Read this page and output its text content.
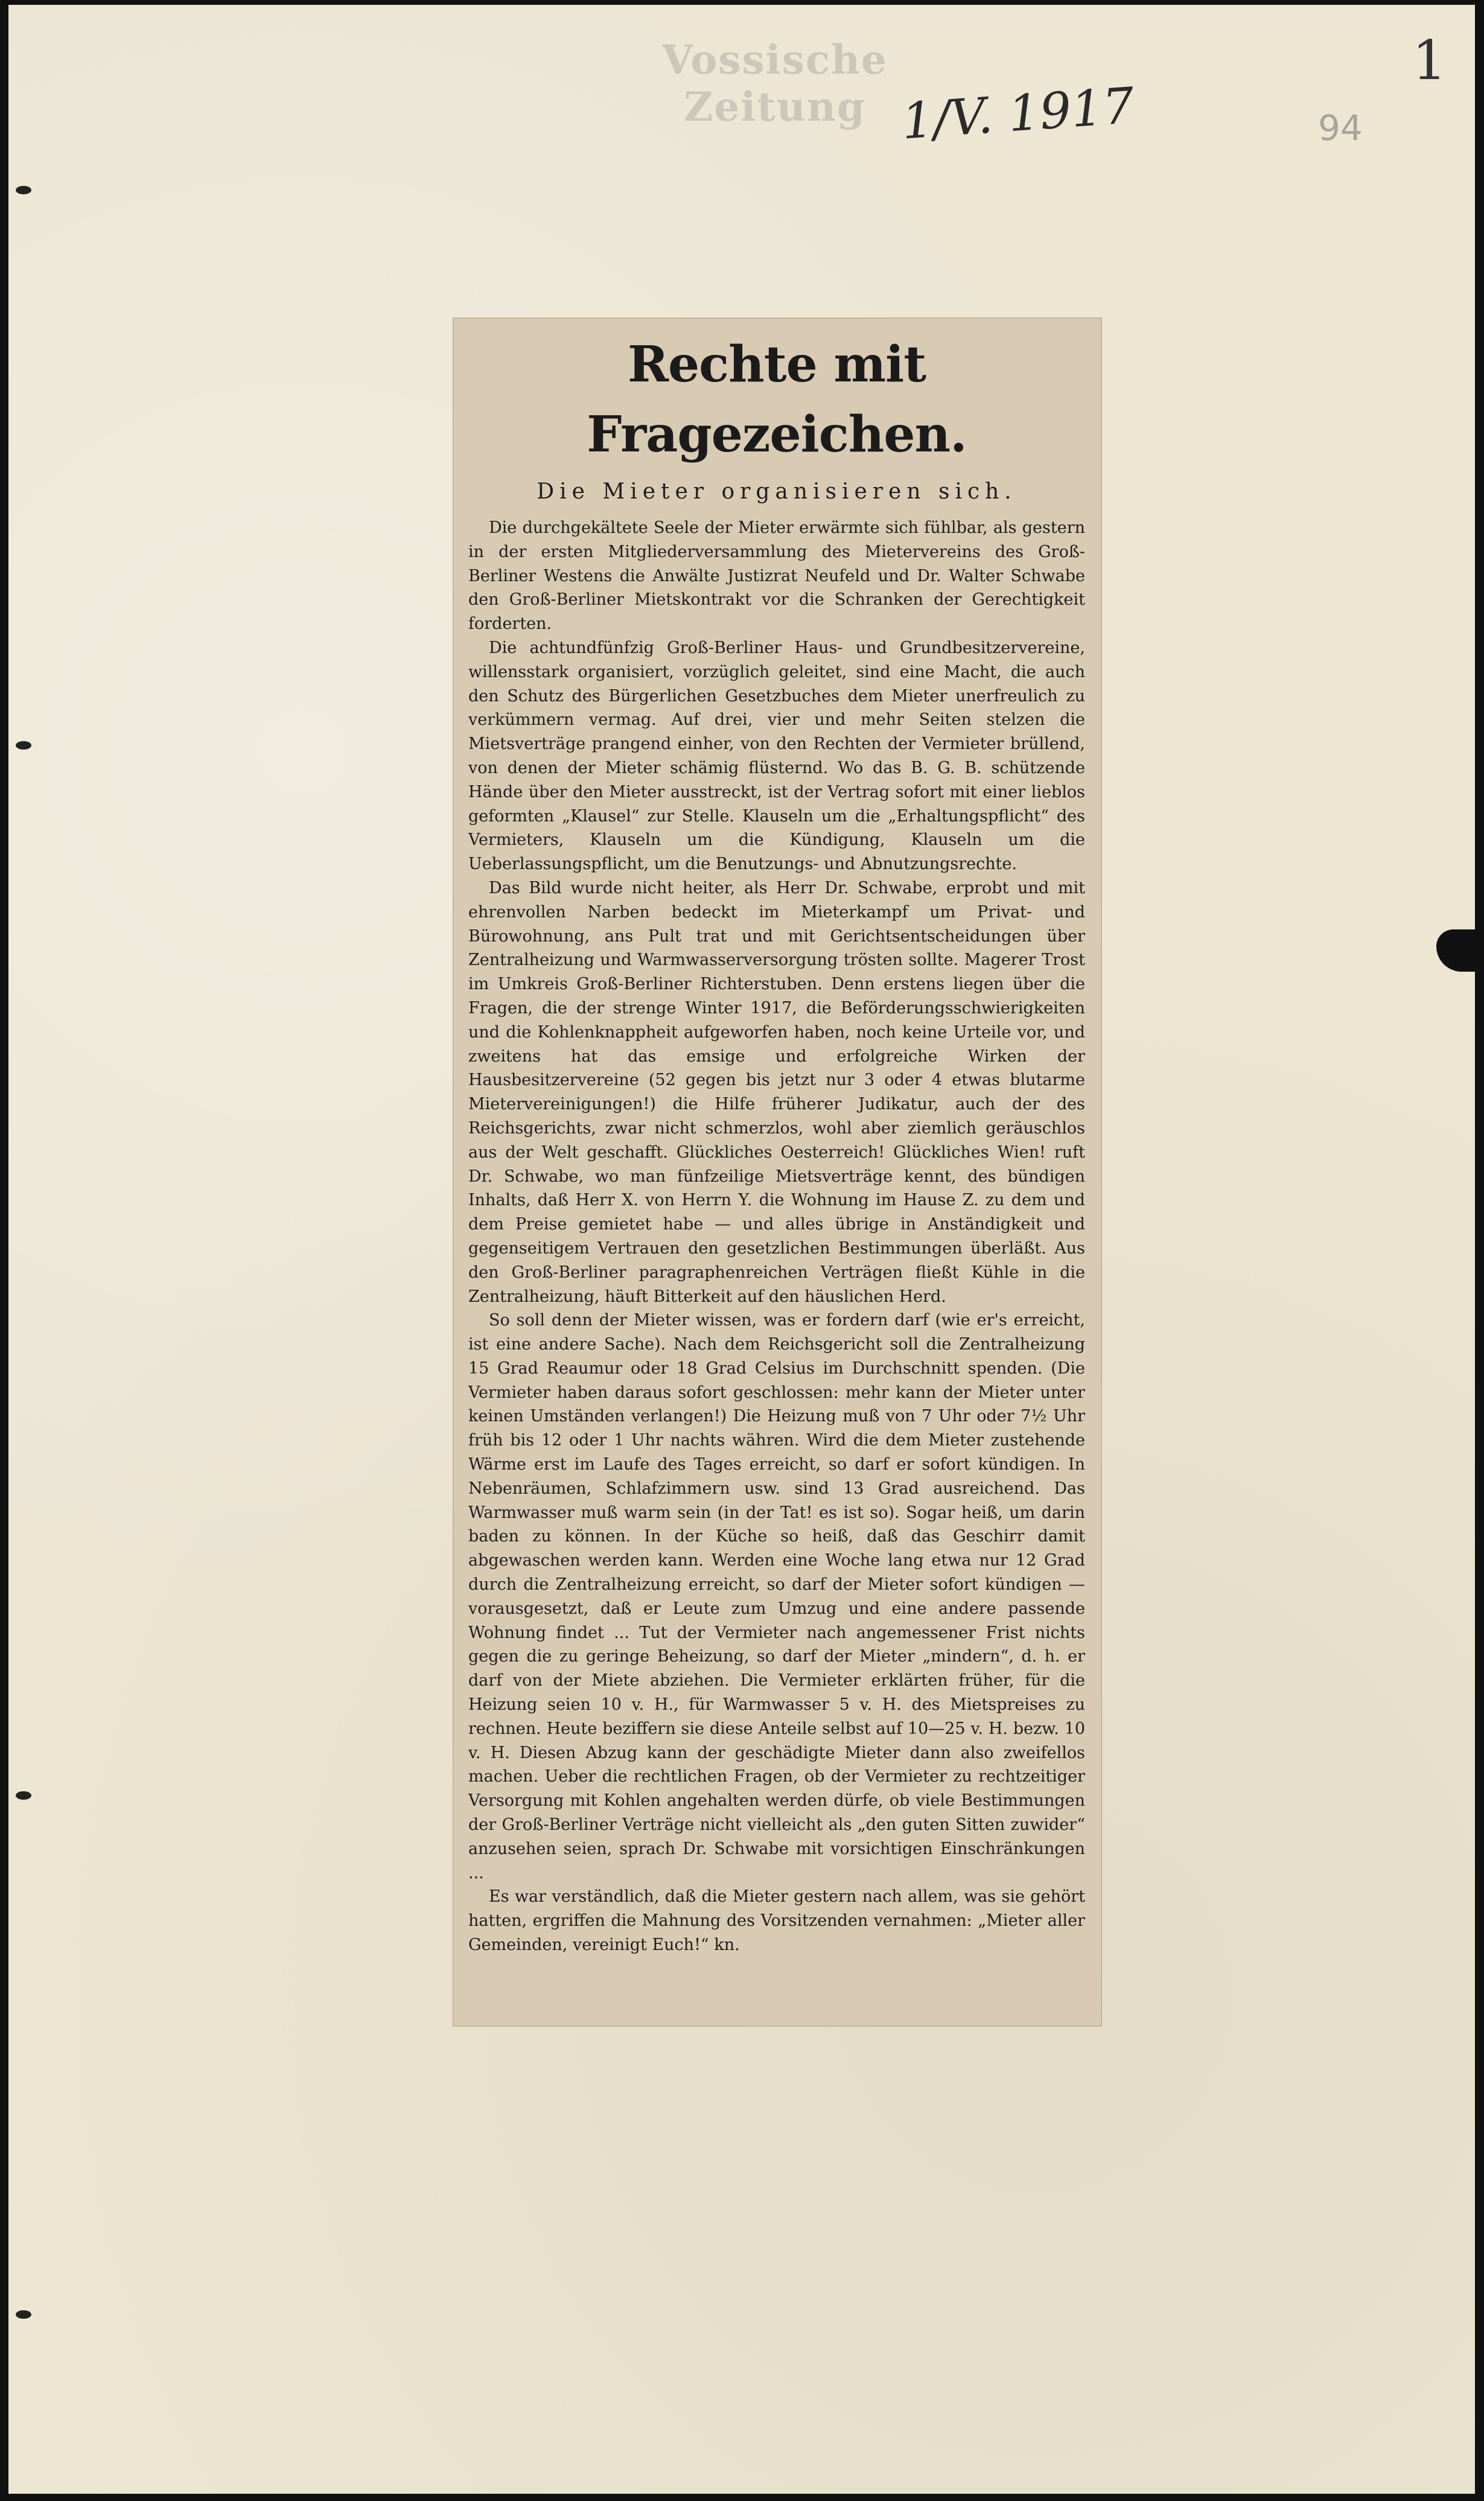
Vossische Zeitung 1/V. 1917
1
94
Rechte mit Fragezeichen.
Die Mieter organisieren sich.

Die durchgekältete Seele der Mieter erwärmte sich fühlbar, als gestern in der ersten Mitgliederversammlung des Mietervereins des Groß-Berliner Westens die Anwälte Justizrat Neufeld und Dr. Walter Schwabe den Groß-Berliner Mietskontrakt vor die Schranken der Gerechtigkeit forderten.

Die achtundfünfzig Groß-Berliner Haus- und Grundbesitzervereine, willensstark organisiert, vorzüglich geleitet, sind eine Macht, die auch den Schutz des Bürgerlichen Gesetzbuches dem Mieter unerfreulich zu verkümmern vermag. Auf drei, vier und mehr Seiten stelzen die Mietsverträge prangend einher, von den Rechten der Vermieter brüllend, von denen der Mieter schämig flüsternd. Wo das B. G. B. schützende Hände über den Mieter ausstreckt, ist der Vertrag sofort mit einer lieblos geformten „Klausel“ zur Stelle. Klauseln um die „Erhaltungspflicht“ des Vermieters, Klauseln um die Kündigung, Klauseln um die Ueberlassungspflicht, um die Benutzungs- und Abnutzungsrechte.

Das Bild wurde nicht heiter, als Herr Dr. Schwabe, erprobt und mit ehrenvollen Narben bedeckt im Mieterkampf um Privat- und Bürowohnung, ans Pult trat und mit Gerichtsentscheidungen über Zentralheizung und Warmwasserversorgung trösten sollte. Magerer Trost im Umkreis Groß-Berliner Richterstuben. Denn erstens liegen über die Fragen, die der strenge Winter 1917, die Beförderungsschwierigkeiten und die Kohlenknappheit aufgeworfen haben, noch keine Urteile vor, und zweitens hat das emsige und erfolgreiche Wirken der Hausbesitzervereine (52 gegen bis jetzt nur 3 oder 4 etwas blutarme Mietervereinigungen!) die Hilfe früherer Judikatur, auch der des Reichsgerichts, zwar nicht schmerzlos, wohl aber ziemlich geräuschlos aus der Welt geschafft. Glückliches Oesterreich! Glückliches Wien! ruft Dr. Schwabe, wo man fünfzeilige Mietsverträge kennt, des bündigen Inhalts, daß Herr X. von Herrn Y. die Wohnung im Hause Z. zu dem und dem Preise gemietet habe — und alles übrige in Anständigkeit und gegenseitigem Vertrauen den gesetzlichen Bestimmungen überläßt. Aus den Groß-Berliner paragraphenreichen Verträgen fließt Kühle in die Zentralheizung, häuft Bitterkeit auf den häuslichen Herd.

So soll denn der Mieter wissen, was er fordern darf (wie er's erreicht, ist eine andere Sache). Nach dem Reichsgericht soll die Zentralheizung 15 Grad Reaumur oder 18 Grad Celsius im Durchschnitt spenden. (Die Vermieter haben daraus sofort geschlossen: mehr kann der Mieter unter keinen Umständen verlangen!) Die Heizung muß von 7 Uhr oder 7½ Uhr früh bis 12 oder 1 Uhr nachts währen. Wird die dem Mieter zustehende Wärme erst im Laufe des Tages erreicht, so darf er sofort kündigen. In Nebenräumen, Schlafzimmern usw. sind 13 Grad ausreichend. Das Warmwasser muß warm sein (in der Tat! es ist so). Sogar heiß, um darin baden zu können. In der Küche so heiß, daß das Geschirr damit abgewaschen werden kann. Werden eine Woche lang etwa nur 12 Grad durch die Zentralheizung erreicht, so darf der Mieter sofort kündigen — vorausgesetzt, daß er Leute zum Umzug und eine andere passende Wohnung findet ... Tut der Vermieter nach angemessener Frist nichts gegen die zu geringe Beheizung, so darf der Mieter „mindern“, d. h. er darf von der Miete abziehen. Die Vermieter erklärten früher, für die Heizung seien 10 v. H., für Warmwasser 5 v. H. des Mietspreises zu rechnen. Heute beziffern sie diese Anteile selbst auf 10—25 v. H. bezw. 10 v. H. Diesen Abzug kann der geschädigte Mieter dann also zweifellos machen. Ueber die rechtlichen Fragen, ob der Vermieter zu rechtzeitiger Versorgung mit Kohlen angehalten werden dürfe, ob viele Bestimmungen der Groß-Berliner Verträge nicht vielleicht als „den guten Sitten zuwider“ anzusehen seien, sprach Dr. Schwabe mit vorsichtigen Einschränkungen ...

Es war verständlich, daß die Mieter gestern nach allem, was sie gehört hatten, ergriffen die Mahnung des Vorsitzenden vernahmen: „Mieter aller Gemeinden, vereinigt Euch!“ kn.
